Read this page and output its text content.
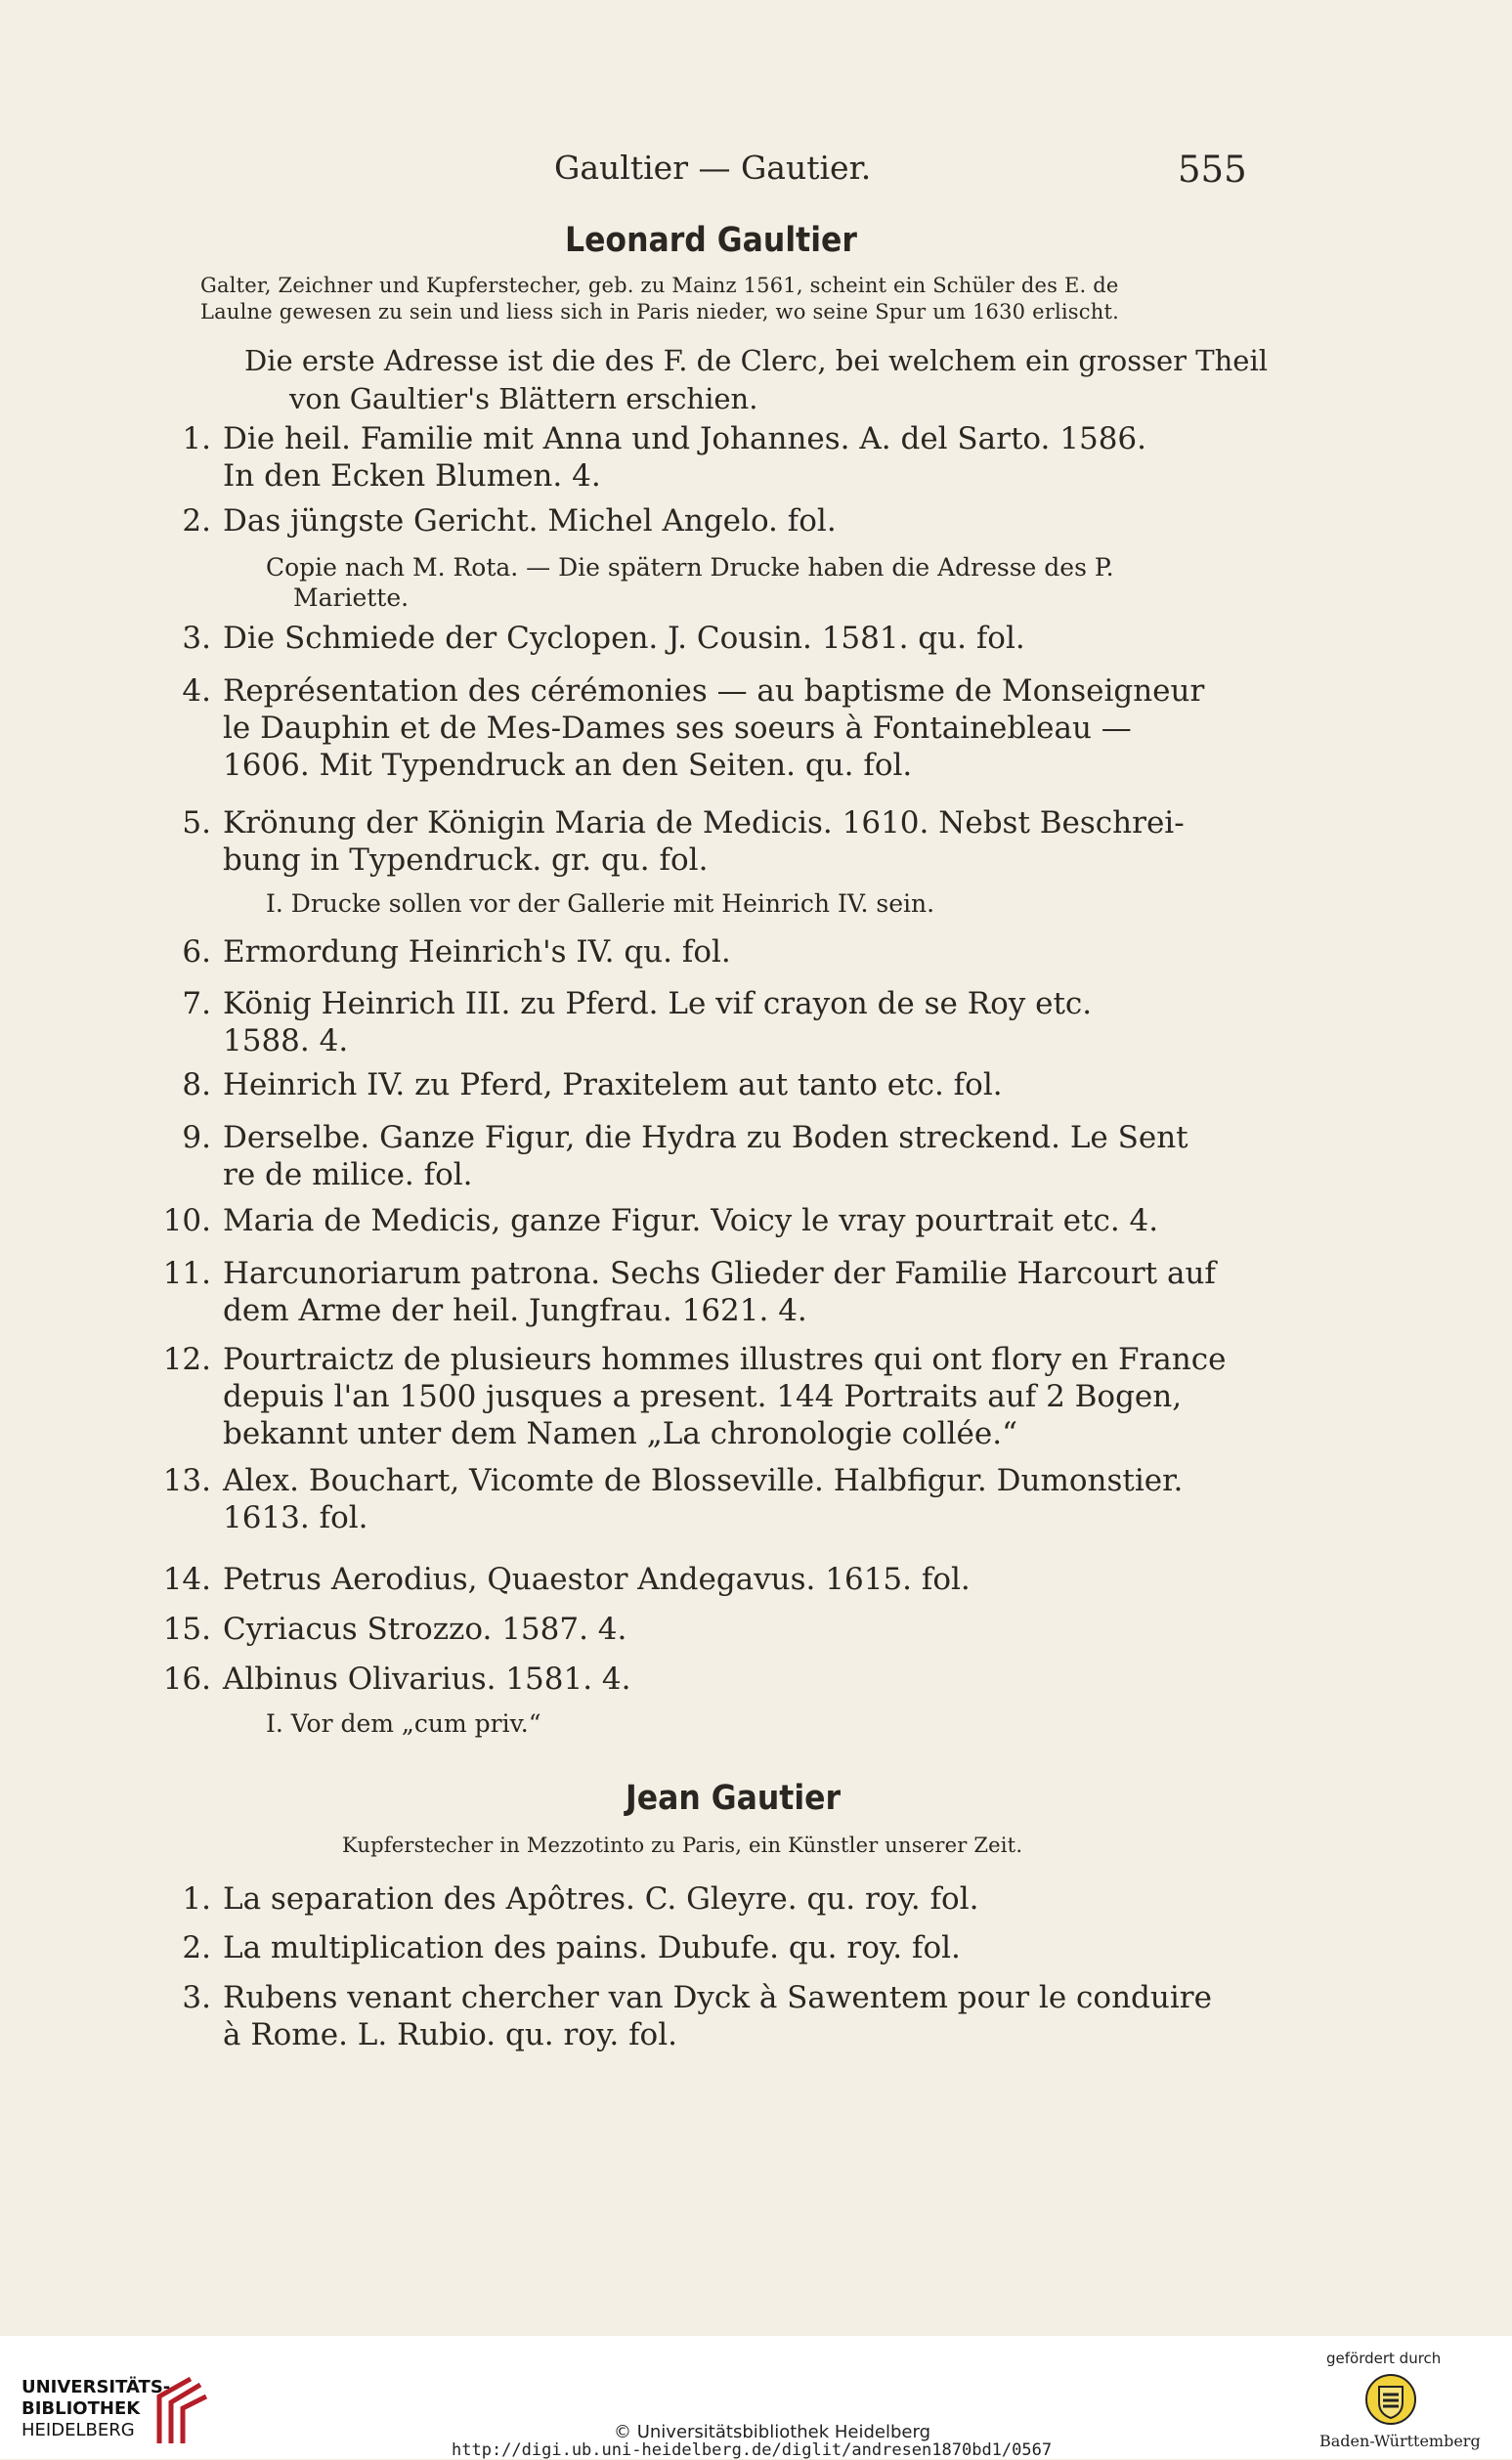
Gaultier — Gautier.	555
Leonard Gaultier
Galter, Zeichner und Kupferstecher, geb. zu Mainz 1561, scheint ein Schüler des E. de
Laulne gewesen zu sein und liess sich in Paris nieder, wo seine Spur um 1630 erlischt.
Die erste Adresse ist die des F. de Clerc, bei welchem ein grosser Theil
von Gaultier's Blättern erschien.
1. Die heil. Familie mit Anna und Johannes. A. del Sarto. 1586.
In den Ecken Blumen. 4.
2. Das jüngste Gericht. Michel Angelo. fol.
Copie nach M. Rota. — Die spätern Drucke haben die Adresse des P.
Mariette.
3. Die Schmiede der Cyclopen. J. Cousin. 1581. qu. fol.
4. Représentation des cérémonies — au baptisme de Monseigneur
le Dauphin et de Mes-Dames ses soeurs à Fontainebleau —
1606. Mit Typendruck an den Seiten. qu. fol.
5. Krönung der Königin Maria de Medicis. 1610. Nebst Beschrei-
bung in Typendruck. gr. qu. fol.
I. Drucke sollen vor der Gallerie mit Heinrich IV. sein.
6. Ermordung Heinrich's IV. qu. fol.
7. König Heinrich III. zu Pferd. Le vif crayon de se Roy etc.
1588. 4.
8. Heinrich IV. zu Pferd, Praxitelem aut tanto etc. fol.
9. Derselbe. Ganze Figur, die Hydra zu Boden streckend. Le Sent
re de milice. fol.
10. Maria de Medicis, ganze Figur. Voicy le vray pourtrait etc. 4.
11. Harcunoriarum patrona. Sechs Glieder der Familie Harcourt auf
dem Arme der heil. Jungfrau. 1621. 4.
12. Pourtraictz de plusieurs hommes illustres qui ont flory en France
depuis l'an 1500 jusques a present. 144 Portraits auf 2 Bogen,
bekannt unter dem Namen „La chronologie collée.“
13. Alex. Bouchart, Vicomte de Blosseville. Halbfigur. Dumonstier.
1613. fol.
14. Petrus Aerodius, Quaestor Andegavus. 1615. fol.
15. Cyriacus Strozzo. 1587. 4.
16. Albinus Olivarius. 1581. 4.
I. Vor dem „cum priv.“
Jean Gautier
Kupferstecher in Mezzotinto zu Paris, ein Künstler unserer Zeit.
1. La separation des Apôtres. C. Gleyre. qu. roy. fol.
2. La multiplication des pains. Dubufe. qu. roy. fol.
3. Rubens venant chercher van Dyck à Sawentem pour le conduire
à Rome. L. Rubio. qu. roy. fol.
UNIVERSITÄTS-
BIBLIOTHEK
HEIDELBERG	© Universitätsbibliothek Heidelberg
http://digi.ub.uni-heidelberg.de/diglit/andresen1870bd1/0567
gefördert durch
Baden-Württemberg
